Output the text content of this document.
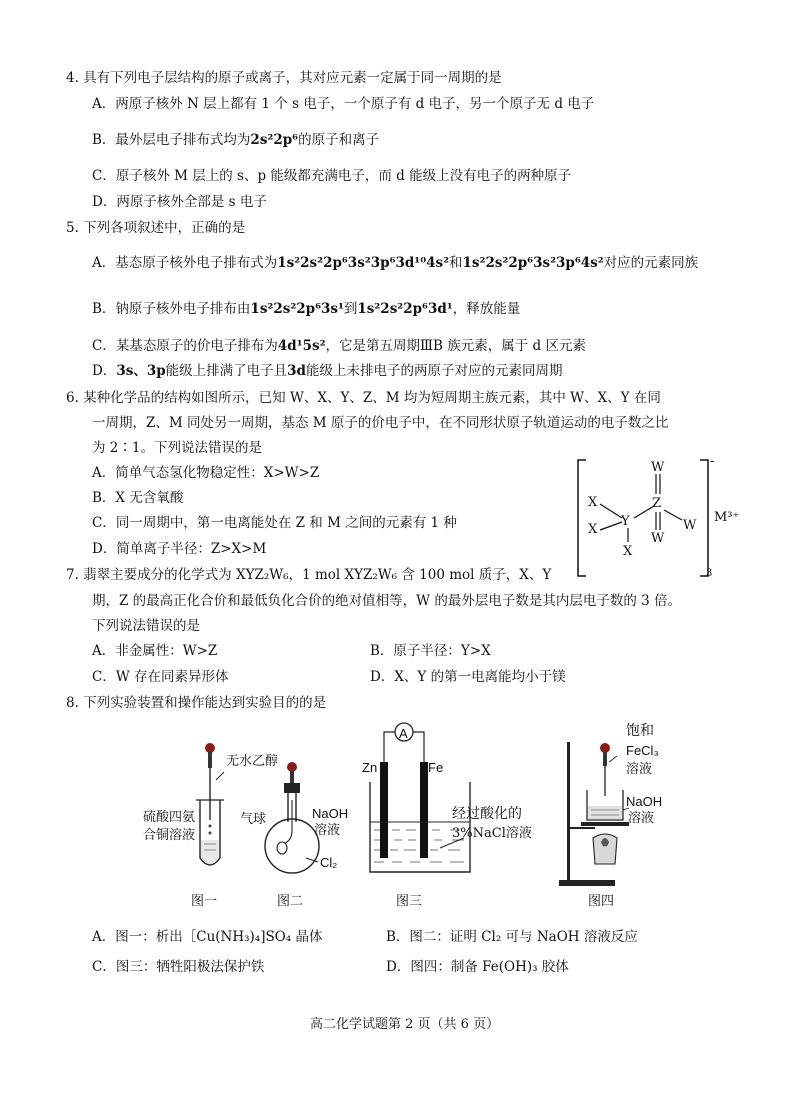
4. 具有下列电子层结构的原子或离子，其对应元素一定属于同一周期的是
A．两原子核外 N 层上都有 1 个 s 电子，一个原子有 d 电子，另一个原子无 d 电子
B．最外层电子排布式均为2s²2p⁶的原子和离子
C．原子核外 M 层上的 s、p 能级都充满电子，而 d 能级上没有电子的两种原子
D．两原子核外全部是 s 电子
5. 下列各项叙述中，正确的是
A．基态原子核外电子排布式为1s²2s²2p⁶3s²3p⁶3d¹⁰4s²和1s²2s²2p⁶3s²3p⁶4s²对应的元素同族
B．钠原子核外电子排布由1s²2s²2p⁶3s¹到1s²2s²2p⁶3d¹，释放能量
C．某基态原子的价电子排布为4d¹5s²，它是第五周期ⅢB 族元素，属于 d 区元素
D．3s、3p能级上排满了电子且3d能级上未排电子的两原子对应的元素同周期
6. 某种化学品的结构如图所示，已知 W、X、Y、Z、M 均为短周期主族元素，其中 W、X、Y 在同
一周期，Z、M 同处另一周期，基态 M 原子的价电子中，在不同形状原子轨道运动的电子数之比
为 2∶1。下列说法错误的是
A．简单气态氢化物稳定性：X>W>Z
B．X 无含氧酸
C．同一周期中，第一电离能处在 Z 和 M 之间的元素有 1 种
D．简单离子半径：Z>X>M
W
Z
W
W
X
X
Y
X
-
3
M³⁺
7. 翡翠主要成分的化学式为 XYZ₂W₆，1 mol XYZ₂W₆ 含 100 mol 质子，X、Y
期，Z 的最高正化合价和最低负化合价的绝对值相等，W 的最外层电子数是其内层电子数的 3 倍。
下列说法错误的是
A．非金属性：W>Z	B．原子半径：Y>X
C．W 存在同素异形体	D．X、Y 的第一电离能均小于镁
8. 下列实验装置和操作能达到实验目的的是
无水乙醇
硫酸四氨
合铜溶液
图一
气球	NaOH
溶液
Cl₂
图二
A
Zn	Fe
经过酸化的
3%NaCl溶液
图三
饱和
FeCl₃
溶液
NaOH
溶液
图四
A．图一：析出［Cu(NH₃)₄]SO₄ 晶体	B．图二：证明 Cl₂ 可与 NaOH 溶液反应
C．图三：牺牲阳极法保护铁	D．图四：制备 Fe(OH)₃ 胶体
高二化学试题第 2 页（共 6 页）
